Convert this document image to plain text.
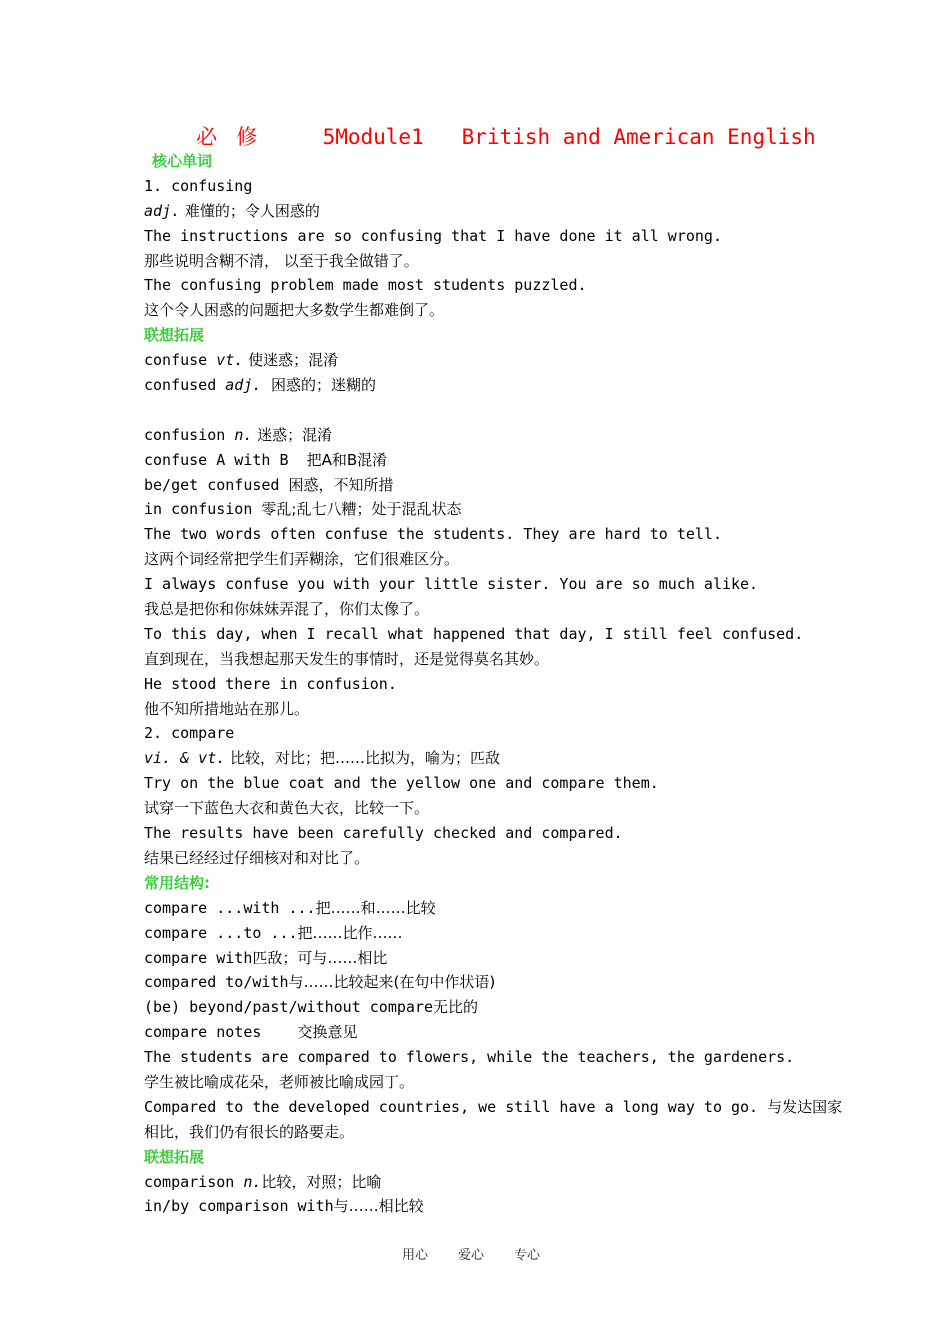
必  修	5Module1   British and American English
核心单词
1. confusing
adj. 难懂的；令人困惑的
The instructions are so confusing that I have done it all wrong.
那些说明含糊不清， 以至于我全做错了。
The confusing problem made most students puzzled.
这个令人困惑的问题把大多数学生都难倒了。
联想拓展
confuse vt. 使迷惑；混淆
confused adj.  困惑的；迷糊的
confusion n. 迷惑；混淆
confuse A with B  把A和B混淆
be/get confused 困惑，不知所措
in confusion 零乱;乱七八糟；处于混乱状态
The two words often confuse the students. They are hard to tell.
这两个词经常把学生们弄糊涂，它们很难区分。
I always confuse you with your little sister. You are so much alike.
我总是把你和你妹妹弄混了，你们太像了。
To this day, when I recall what happened that day, I still feel confused.
直到现在，当我想起那天发生的事情时，还是觉得莫名其妙。
He stood there in confusion.
他不知所措地站在那儿。
2. compare
vi. & vt. 比较，对比；把……比拟为，喻为；匹敌
Try on the blue coat and the yellow one and compare them.
试穿一下蓝色大衣和黄色大衣，比较一下。
The results have been carefully checked and compared.
结果已经经过仔细核对和对比了。
常用结构:
compare ...with ...把……和……比较
compare ...to ...把……比作……
compare with匹敌；可与……相比
compared to/with与……比较起来(在句中作状语)
(be) beyond/past/without compare无比的
compare notes    交换意见
The students are compared to flowers, while the teachers, the gardeners.
学生被比喻成花朵，老师被比喻成园丁。
Compared to the developed countries, we still have a long way to go. 与发达国家
相比，我们仍有很长的路要走。
联想拓展
comparison n.比较，对照；比喻
in/by comparison with与……相比较
用心 爱心 专心
